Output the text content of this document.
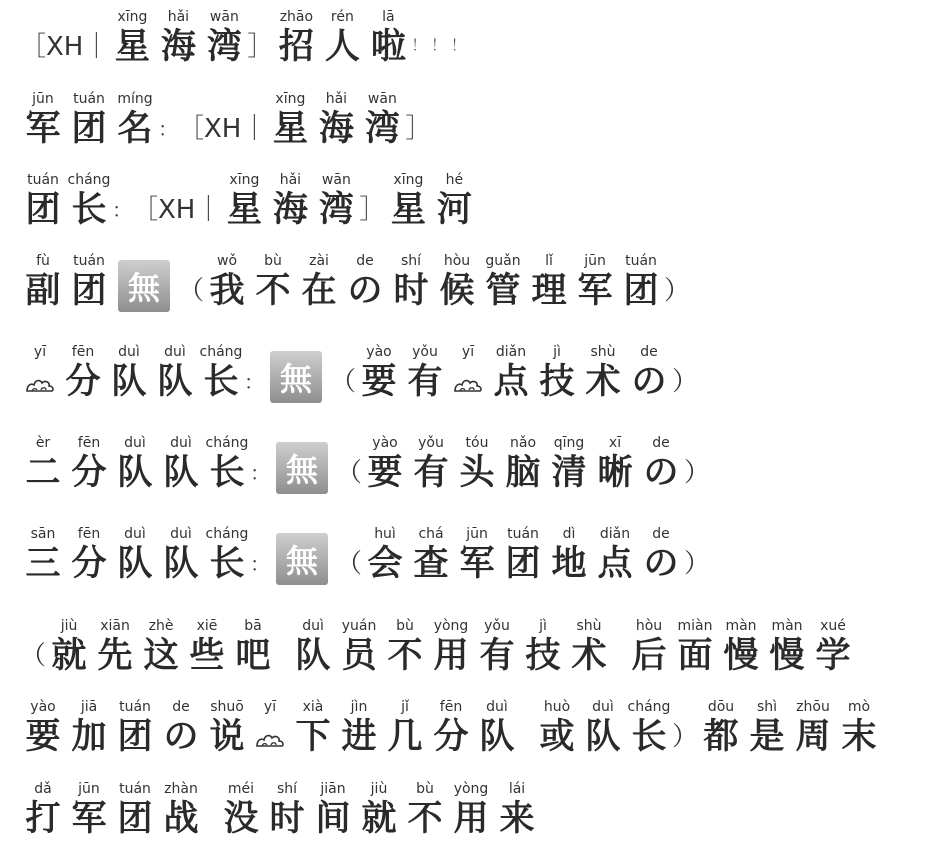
［XH｜
xīng
星
hǎi
海
wān
湾 ］
zhāo
招
rén
人
lā
啦 ！ ！ ！
jūn
军
tuán
团
míng
名 ： ［XH｜
xīng
星
hǎi
海
wān
湾 ］
tuán
团
cháng
长 ： ［XH｜
xīng
星
hǎi
海
wān
湾 ］
xīng
星
hé
河
fù
副
tuán
团 無 （
wǒ
我
bù
不
zài
在
de
の
shí
时
hòu
候
guǎn
管
lǐ
理
jūn
军
tuán
团 ）
yī fēn
分
duì
队
duì
队
cháng
长 ： 無 （
yào
要
yǒu
有
yī diǎn
点
jì
技
shù
术
de
の ）
èr
二
fēn
分
duì
队
duì
队
cháng
长 ： 無 （
yào
要
yǒu
有
tóu
头
nǎo
脑
qīng
清
xī
晰
de
の ）
sān
三
fēn
分
duì
队
duì
队
cháng
长 ： 無 （
huì
会
chá
查
jūn
军
tuán
团
dì
地
diǎn
点
de
の ）
（
jiù
就
xiān
先
zhè
这
xiē
些
bā
吧
duì
队
yuán
员
bù
不
yòng
用
yǒu
有
jì
技
shù
术
hòu
后
miàn
面
màn
慢
màn
慢
xué
学
yào
要
jiā
加
tuán
团
de
の
shuō
说
yī xià
下
jìn
进
jǐ
几
fēn
分
duì
队
huò
或
duì
队
cháng
长 ）
dōu
都
shì
是
zhōu
周
mò
末
dǎ
打
jūn
军
tuán
团
zhàn
战
méi
没
shí
时
jiān
间
jiù
就
bù
不
yòng
用
lái
来
